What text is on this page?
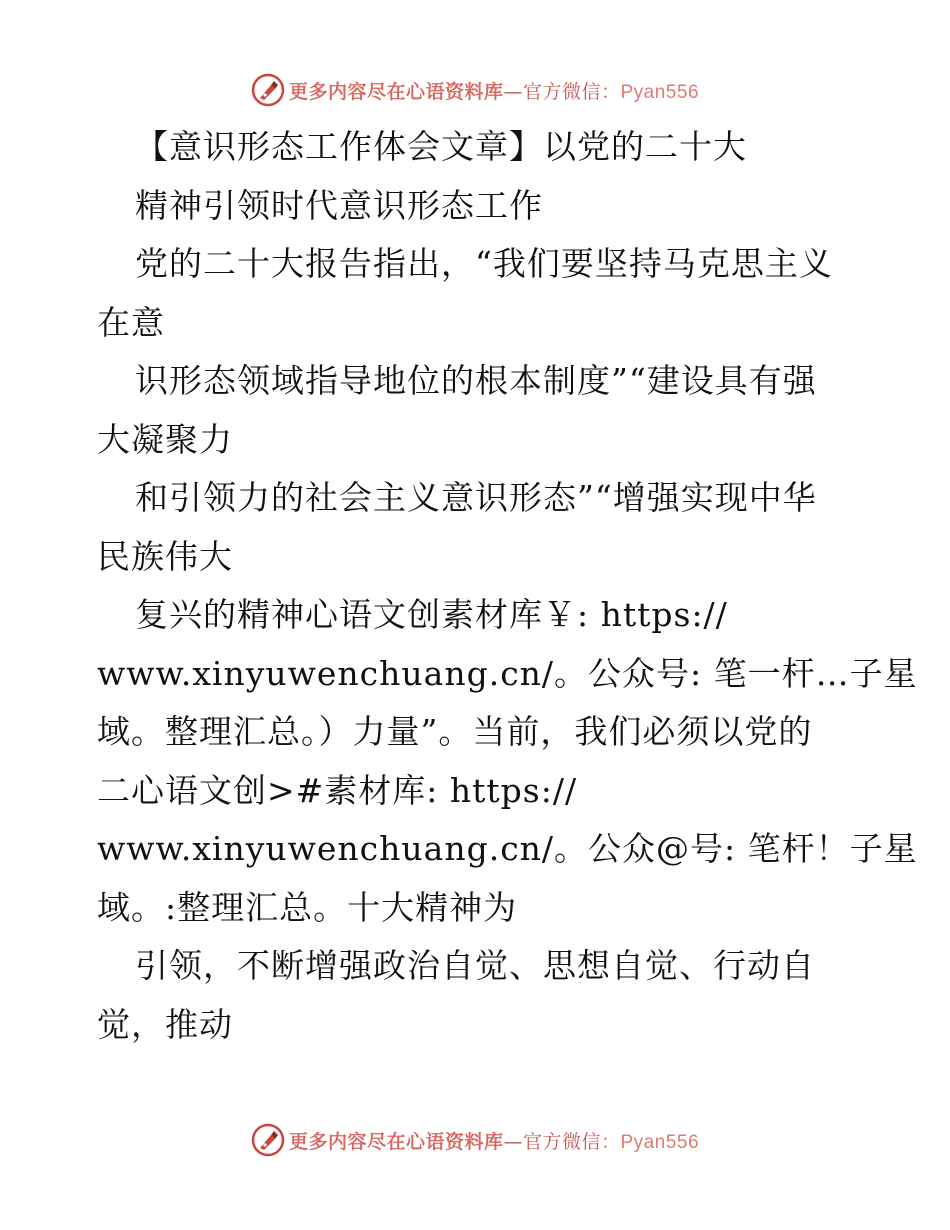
更多内容尽在心语资料库—官方微信：Pyan556
【意识形态工作体会文章】以党的二十大
精神引领时代意识形态工作
党的二十大报告指出，“我们要坚持马克思主义
在意
识形态领域指导地位的根本制度”“建设具有强
大凝聚力
和引领力的社会主义意识形态”“增强实现中华
民族伟大
复兴的精神心语文创素材库￥: https://
www.xinyuwenchuang.cn/。公众号: 笔一杆…子星
域。整理汇总。）力量”。当前，我们必须以党的
二心语文创>#素材库: https://
www.xinyuwenchuang.cn/。公众@号: 笔杆！子星
域。:整理汇总。十大精神为
引领，不断增强政治自觉、思想自觉、行动自
觉，推动
更多内容尽在心语资料库—官方微信：Pyan556
